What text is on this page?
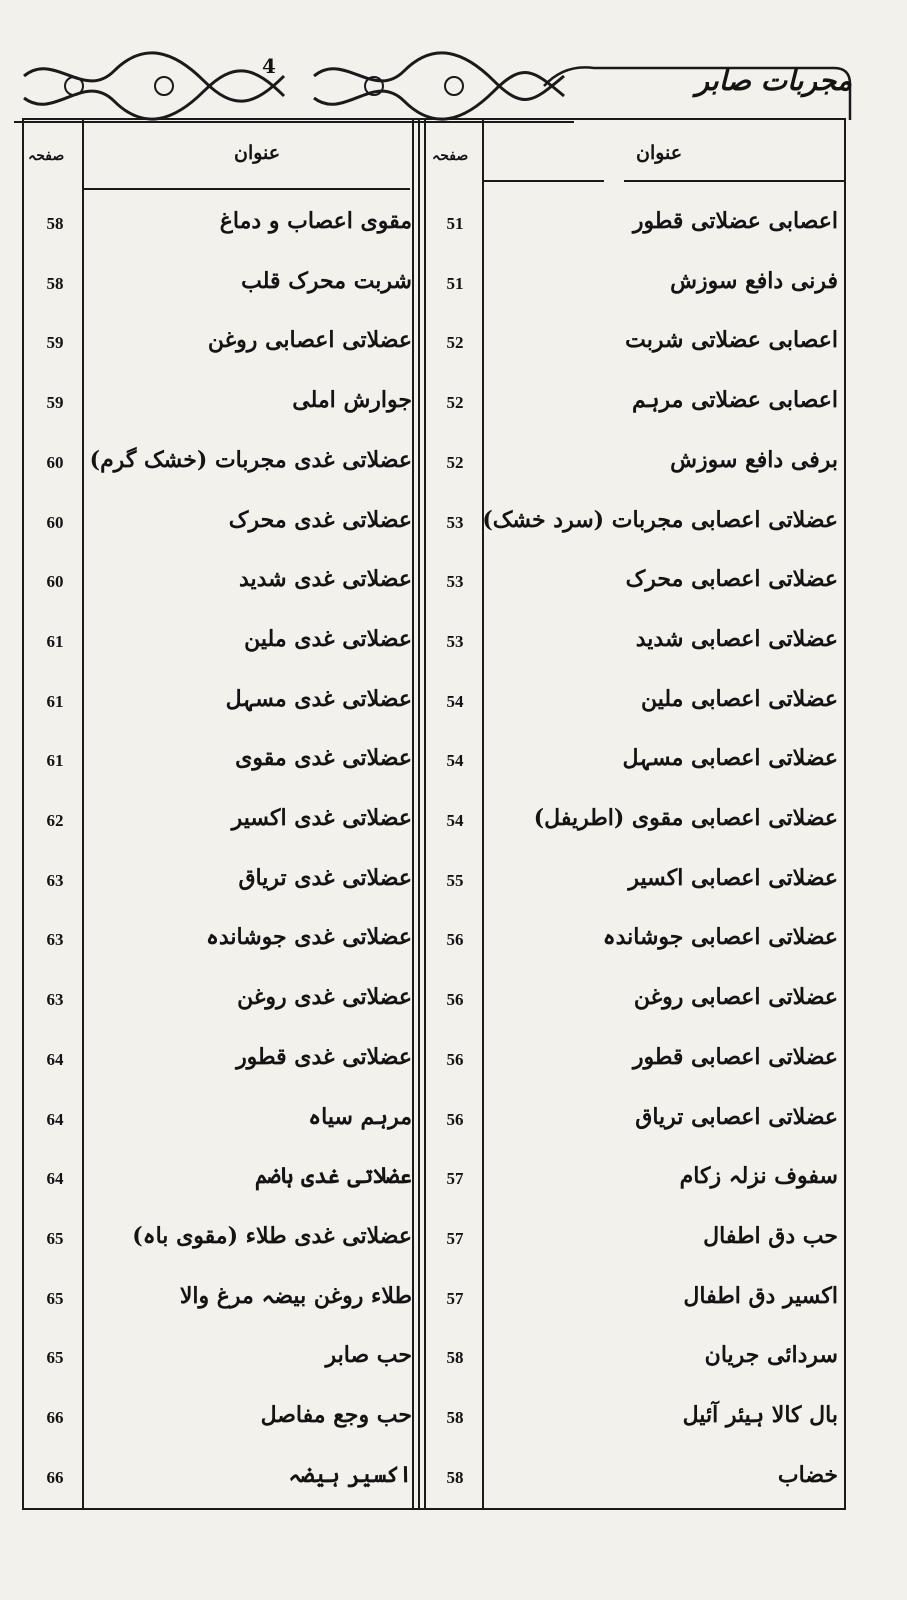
4	مجربات صابر
عنوان
صفحہ	عنوان
صفحہ
اعصابی عضلاتی قطور
51
فرنی دافع سوزش
51
اعصابی عضلاتی شربت
52
اعصابی عضلاتی مرہم
52
برفی دافع سوزش
52
عضلاتی اعصابی مجربات (سرد خشک)
53
عضلاتی اعصابی محرک
53
عضلاتی اعصابی شدید
53
عضلاتی اعصابی ملین
54
عضلاتی اعصابی مسہل
54
عضلاتی اعصابی مقوی (اطریفل)
54
عضلاتی اعصابی اکسیر
55
عضلاتی اعصابی جوشاندہ
56
عضلاتی اعصابی روغن
56
عضلاتی اعصابی قطور
56
عضلاتی اعصابی تریاق
56
سفوف نزلہ زکام
57
حب دق اطفال
57
اکسیر دق اطفال
57
سردائی جریان
58
بال کالا ہیئر آئیل
58
خضاب
58
مقوی اعصاب و دماغ
58
شربت محرک قلب
58
عضلاتی اعصابی روغن
59
جوارش املی
59
عضلاتی غدی مجربات (خشک گرم)
60
عضلاتی غدی محرک
60
عضلاتی غدی شدید
60
عضلاتی غدی ملین
61
عضلاتی غدی مسہل
61
عضلاتی غدی مقوی
61
عضلاتی غدی اکسیر
62
عضلاتی غدی تریاق
63
عضلاتی غدی جوشاندہ
63
عضلاتی غدی روغن
63
عضلاتی غدی قطور
64
مرہم سیاہ
64
عضلاتی غدی ہاضم
64
عضلاتی غدی طلاء (مقوی باہ)
65
طلاء روغن بیضہ مرغ والا
65
حب صابر
65
حب وجع مفاصل
66
اکسیر ہیضہ
66
